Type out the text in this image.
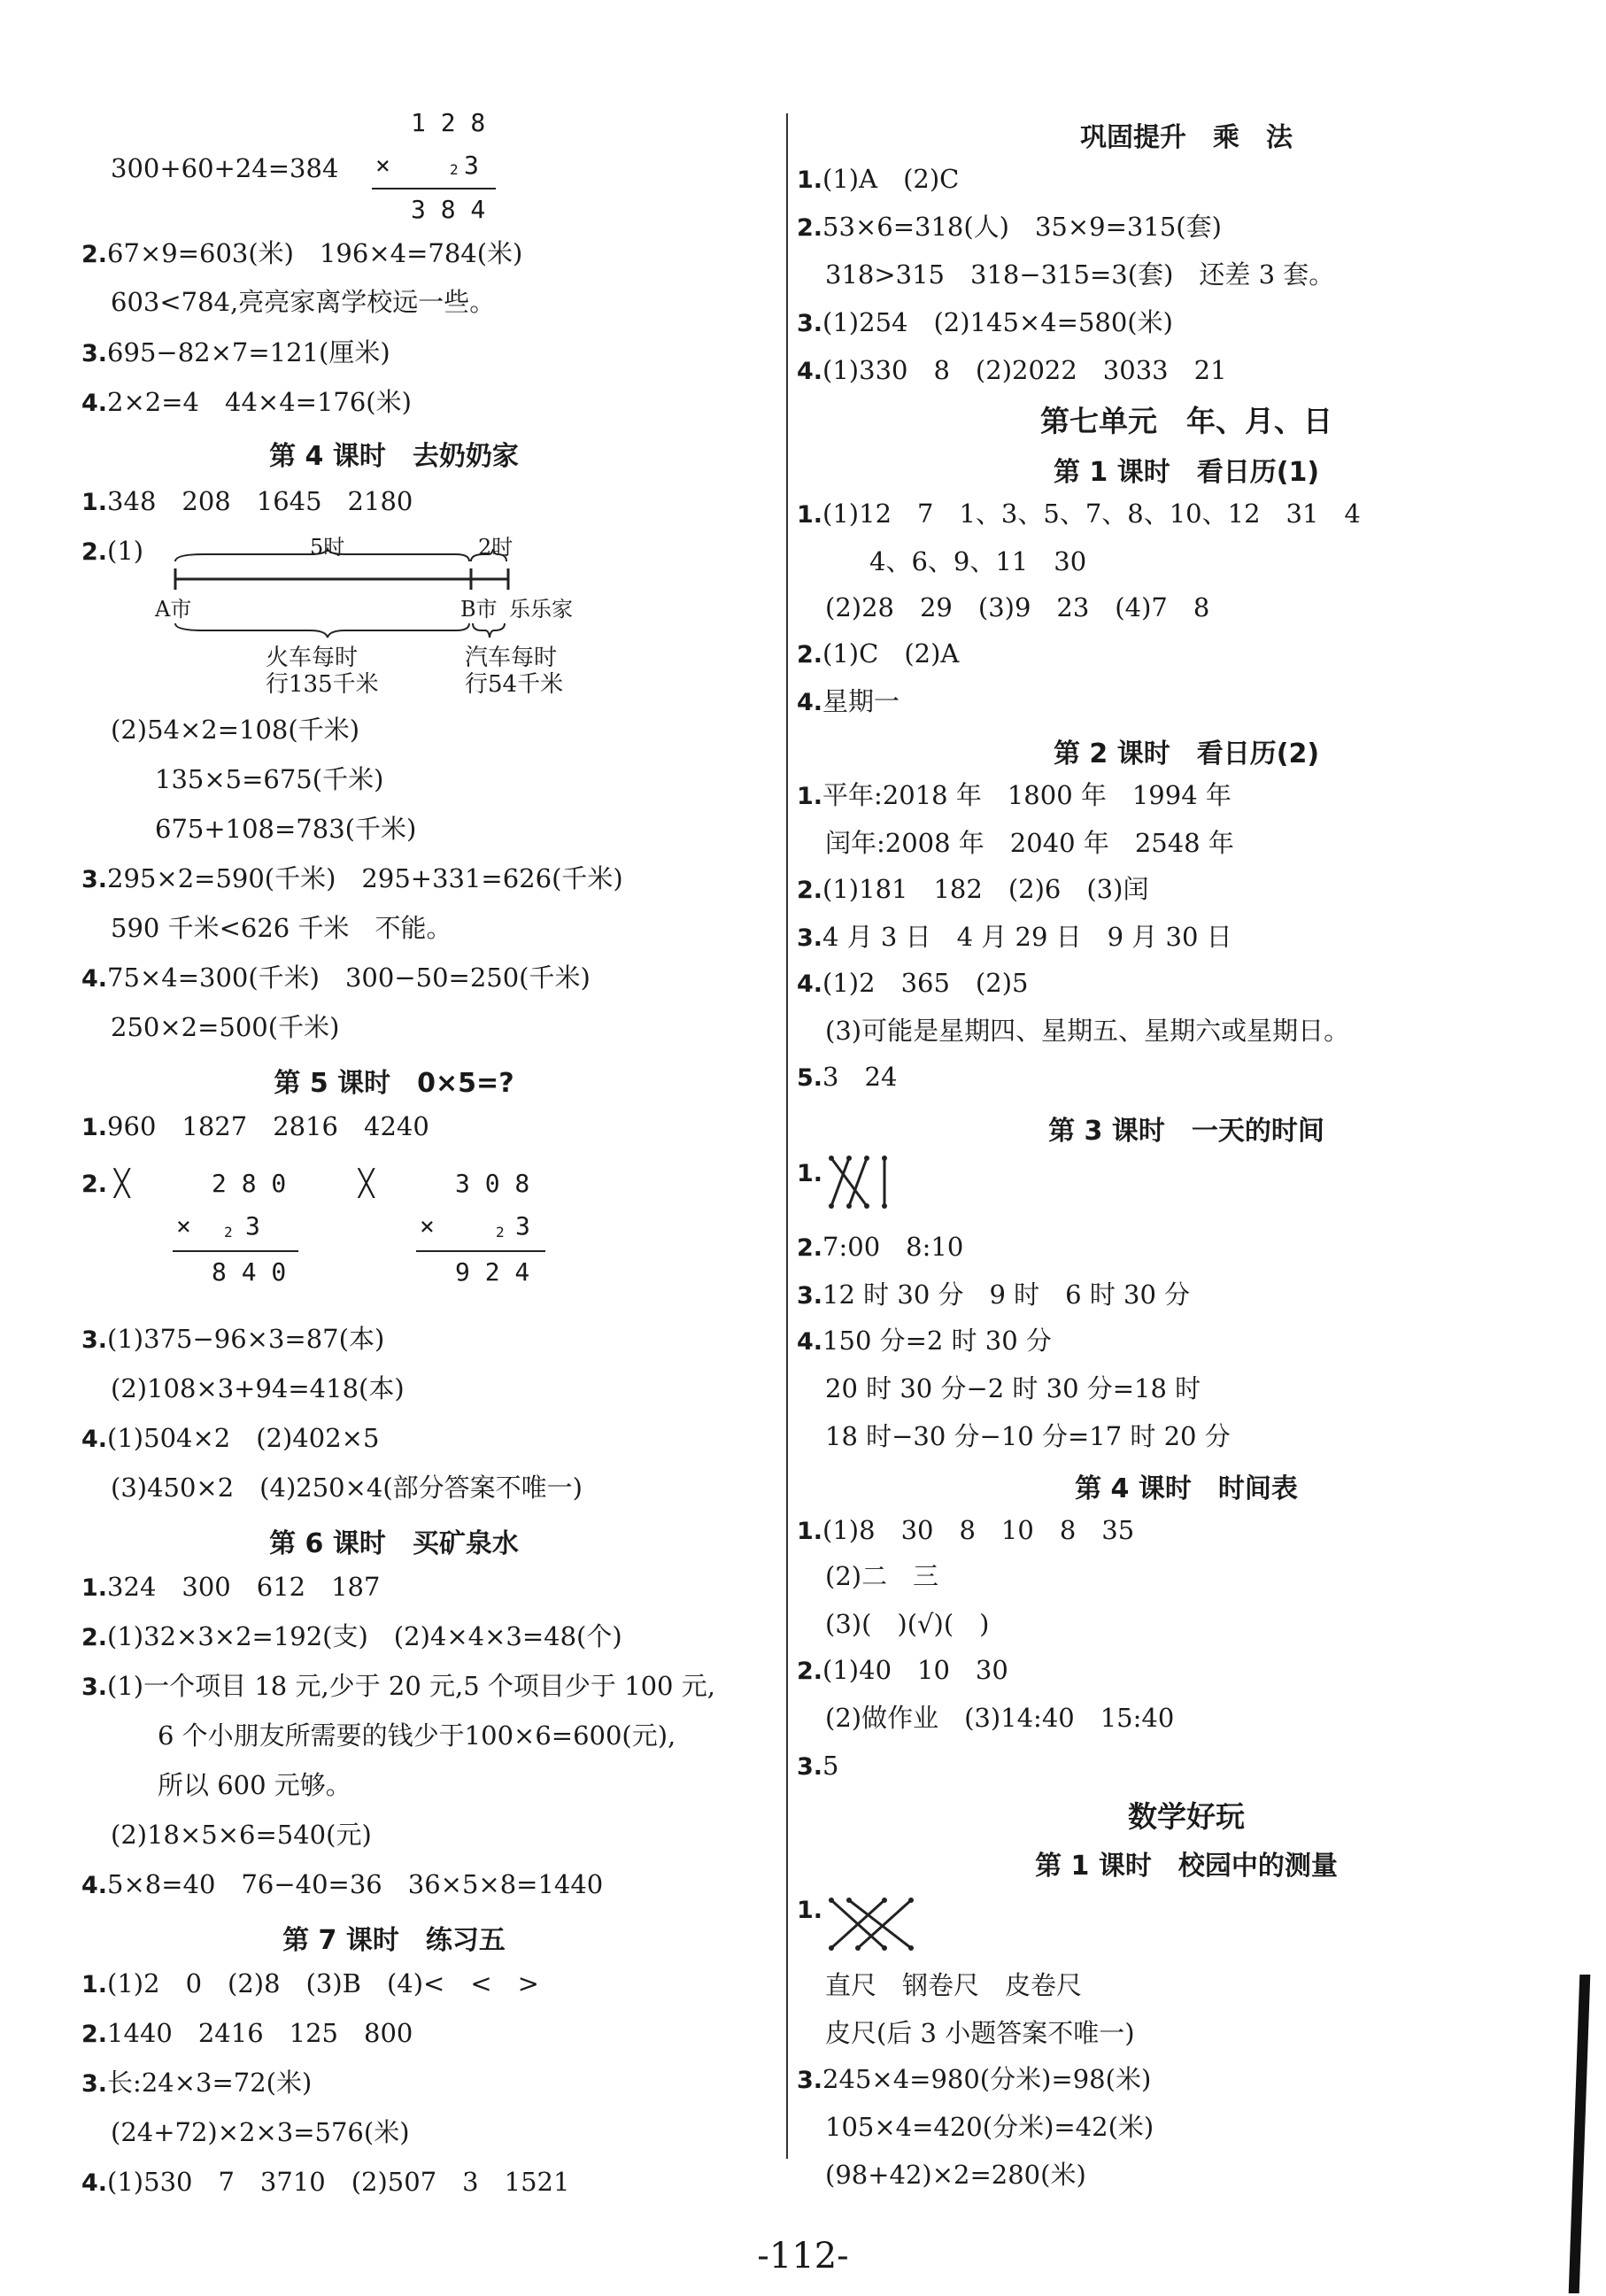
300+60+24=384
1 2 8
×	2 3
3 8 4
2.67×9=603(米)　196×4=784(米)
603<784,亮亮家离学校远一些。
3.695−82×7=121(厘米)
4.2×2=4　44×4=176(米)
第 4 课时　去奶奶家
1.348　208　1645　2180
2.(1)	5时	2时
A市	B市 乐乐家
火车每时
行135千米
汽车每时
行54千米
(2)54×2=108(千米)
135×5=675(千米)
675+108=783(千米)
3.295×2=590(千米)　295+331=626(千米)
590 千米<626 千米　不能。
4.75×4=300(千米)　300−50=250(千米)
250×2=500(千米)
第 5 课时　0×5=?
1.960　1827　2816　4240
2. ╳	╳
2 8 0
× 2 3
8 4 0
3 0 8
×	2 3
9 2 4
3.(1)375−96×3=87(本)
(2)108×3+94=418(本)
4.(1)504×2　(2)402×5
(3)450×2　(4)250×4(部分答案不唯一)
第 6 课时　买矿泉水
1.324　300　612　187
2.(1)32×3×2=192(支)　(2)4×4×3=48(个)
3.(1)一个项目 18 元,少于 20 元,5 个项目少于 100 元,
6 个小朋友所需要的钱少于100×6=600(元),
所以 600 元够。
(2)18×5×6=540(元)
4.5×8=40　76−40=36　36×5×8=1440
第 7 课时　练习五
1.(1)2　0　(2)8　(3)B　(4)<　<　>
2.1440　2416　125　800
3.长:24×3=72(米)
(24+72)×2×3=576(米)
4.(1)530　7　3710　(2)507　3　1521
巩固提升　乘　法
1.(1)A　(2)C
2.53×6=318(人)　35×9=315(套)
318>315　318−315=3(套)　还差 3 套。
3.(1)254　(2)145×4=580(米)
4.(1)330　8　(2)2022　3033　21
第七单元　年、月、日
第 1 课时　看日历(1)
1.(1)12　7　1、3、5、7、8、10、12　31　4
4、6、9、11　30
(2)28　29　(3)9　23　(4)7　8
2.(1)C　(2)A
4.星期一
第 2 课时　看日历(2)
1.平年:2018 年　1800 年　1994 年
闰年:2008 年　2040 年　2548 年
2.(1)181　182　(2)6　(3)闰
3.4 月 3 日　4 月 29 日　9 月 30 日
4.(1)2　365　(2)5
(3)可能是星期四、星期五、星期六或星期日。
5.3　24
第 3 课时　一天的时间
1.
2.7:00　8:10
3.12 时 30 分　9 时　6 时 30 分
4.150 分=2 时 30 分
20 时 30 分−2 时 30 分=18 时
18 时−30 分−10 分=17 时 20 分
第 4 课时　时间表
1.(1)8　30　8　10　8　35
(2)二　三
(3)(　)(√)(　)
2.(1)40　10　30
(2)做作业　(3)14:40　15:40
3.5
数学好玩
第 1 课时　校园中的测量
1.
直尺　钢卷尺　皮卷尺
皮尺(后 3 小题答案不唯一)
3.245×4=980(分米)=98(米)
105×4=420(分米)=42(米)
(98+42)×2=280(米)
-112-
